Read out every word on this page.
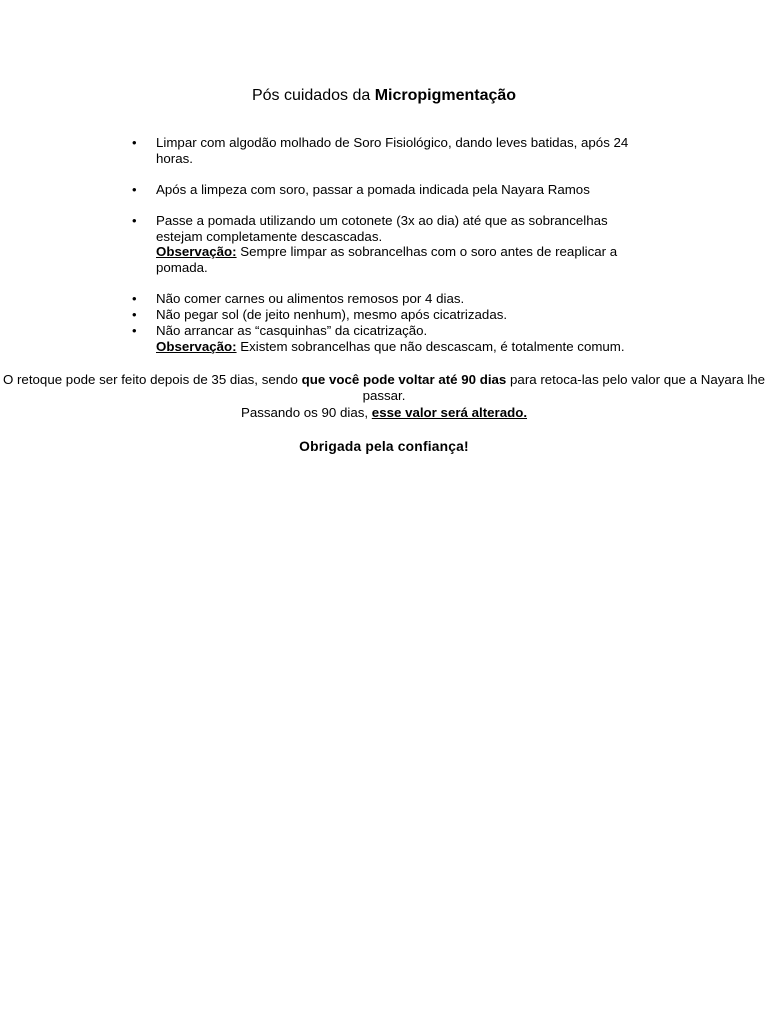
Pós cuidados da Micropigmentação
• Limpar com algodão molhado de Soro Fisiológico, dando leves batidas, após 24 horas.
• Após a limpeza com soro, passar a pomada indicada pela Nayara Ramos
• Passe a pomada utilizando um cotonete (3x ao dia) até que as sobrancelhas estejam completamente descascadas.
Observação: Sempre limpar as sobrancelhas com o soro antes de reaplicar a pomada.
• Não comer carnes ou alimentos remosos por 4 dias.
• Não pegar sol (de jeito nenhum), mesmo após cicatrizadas.
• Não arrancar as “casquinhas” da cicatrização.
Observação: Existem sobrancelhas que não descascam, é totalmente comum.
O retoque pode ser feito depois de 35 dias, sendo que você pode voltar até 90 dias para retoca-las pelo valor que a Nayara lhe passar.
Passando os 90 dias, esse valor será alterado.
Obrigada pela confiança!
